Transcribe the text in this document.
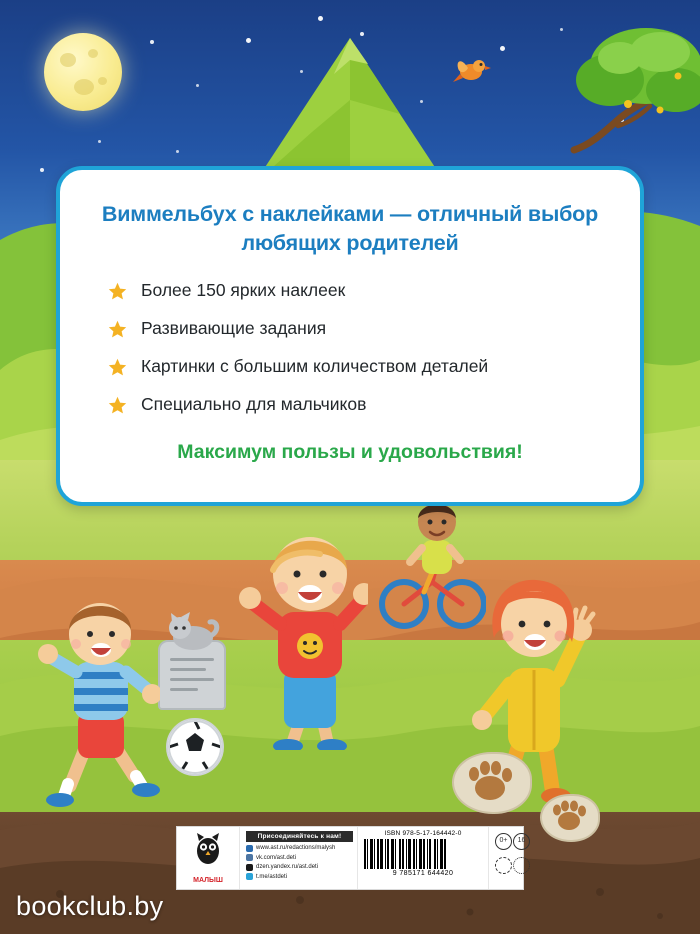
Виммельбух с наклейками — отличный выбор любящих родителей
Более 150 ярких наклеек
Развивающие задания
Картинки с большим количеством деталей
Специально для мальчиков
Максимум пользы и удовольствия!
МАЛЫШ
Присоединяйтесь к нам!
www.ast.ru/redactions/malysh
vk.com/ast.deti
dzen.yandex.ru/ast.deti
t.me/astdeti
ISBN 978-5-17-164442-0
9 785171 644420
0+	16
bookclub.by
